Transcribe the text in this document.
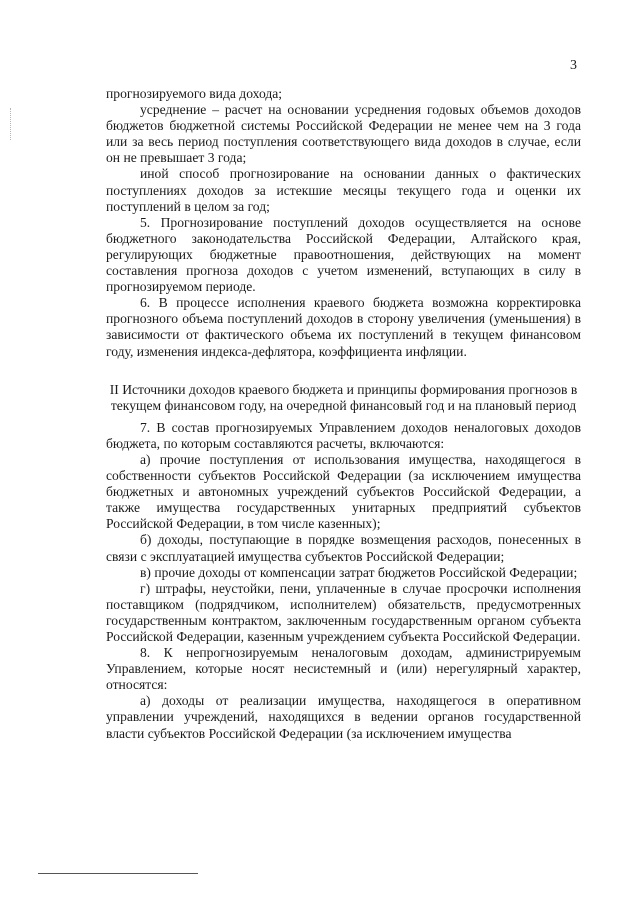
3

прогнозируемого вида дохода;

усреднение – расчет на основании усреднения годовых объемов доходов бюджетов бюджетной системы Российской Федерации не менее чем на 3 года или за весь период поступления соответствующего вида доходов в случае, если он не превышает 3 года;

иной способ прогнозирование на основании данных о фактических поступлениях доходов за истекшие месяцы текущего года и оценки их поступлений в целом за год;

5. Прогнозирование поступлений доходов осуществляется на основе бюджетного законодательства Российской Федерации, Алтайского края, регулирующих бюджетные правоотношения, действующих на момент составления прогноза доходов с учетом изменений, вступающих в силу в прогнозируемом периоде.

6. В процессе исполнения краевого бюджета возможна корректировка прогнозного объема поступлений доходов в сторону увеличения (уменьшения) в зависимости от фактического объема их поступлений в текущем финансовом году, изменения индекса-дефлятора, коэффициента инфляции.

II Источники доходов краевого бюджета и принципы формирования прогнозов в текущем финансовом году, на очередной финансовый год и на плановый период

7. В состав прогнозируемых Управлением доходов неналоговых доходов бюджета, по которым составляются расчеты, включаются:

а) прочие поступления от использования имущества, находящегося в собственности субъектов Российской Федерации (за исключением имущества бюджетных и автономных учреждений субъектов Российской Федерации, а также имущества государственных унитарных предприятий субъектов Российской Федерации, в том числе казенных);

б) доходы, поступающие в порядке возмещения расходов, понесенных в связи с эксплуатацией имущества субъектов Российской Федерации;

в) прочие доходы от компенсации затрат бюджетов Российской Федерации;

г) штрафы, неустойки, пени, уплаченные в случае просрочки исполнения поставщиком (подрядчиком, исполнителем) обязательств, предусмотренных государственным контрактом, заключенным государственным органом субъекта Российской Федерации, казенным учреждением субъекта Российской Федерации.

8. К непрогнозируемым неналоговым доходам, администрируемым Управлением, которые носят несистемный и (или) нерегулярный характер, относятся:

а) доходы от реализации имущества, находящегося в оперативном управлении учреждений, находящихся в ведении органов государственной власти субъектов Российской Федерации (за исключением имущества
